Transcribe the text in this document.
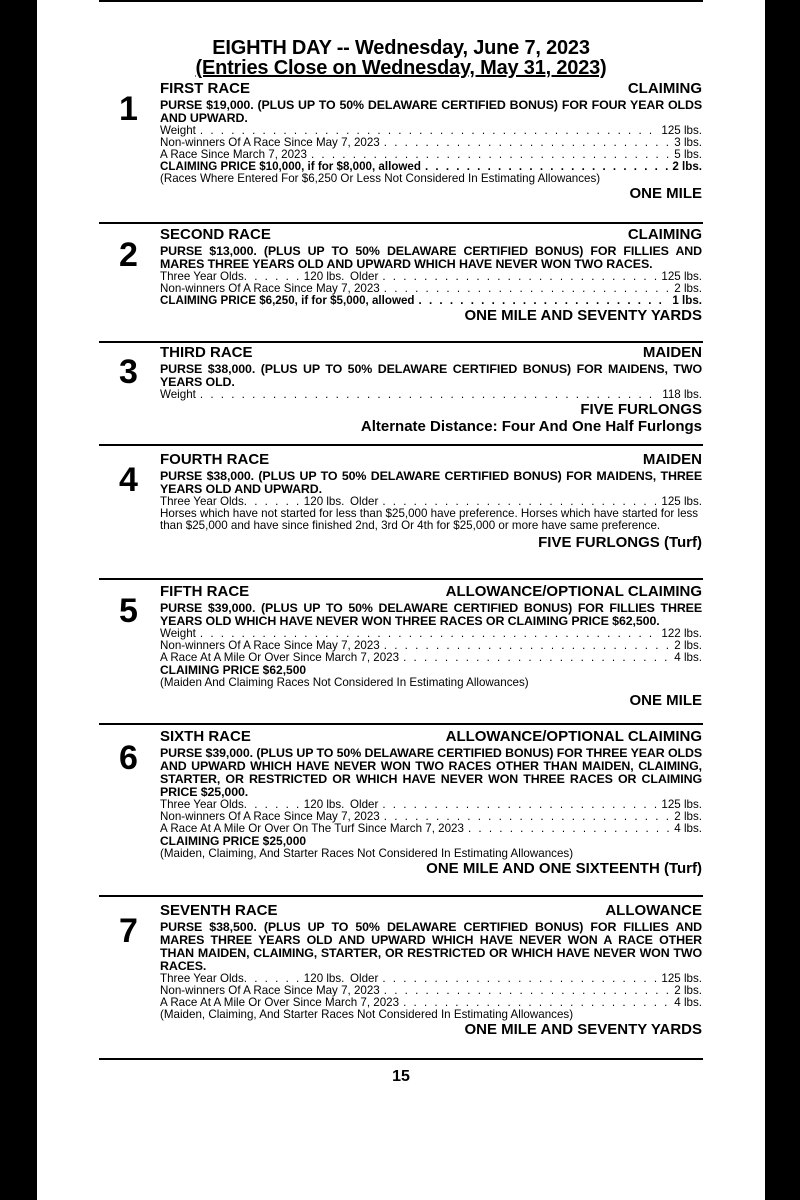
EIGHTH DAY -- Wednesday, June 7, 2023
(Entries Close on Wednesday, May 31, 2023)
1
FIRST RACE	CLAIMING
PURSE $19,000. (PLUS UP TO 50% DELAWARE CERTIFIED BONUS) FOR FOUR YEAR OLDS AND UPWARD.
Weight . . .	125 lbs.
Non-winners Of A Race Since May 7, 2023 . . .	3 lbs.
A Race Since March 7, 2023 . . .	5 lbs.
CLAIMING PRICE $10,000, if for $8,000, allowed . . .	2 lbs.
(Races Where Entered For $6,250 Or Less Not Considered In Estimating Allowances)
ONE MILE
2
SECOND RACE	CLAIMING
PURSE $13,000. (PLUS UP TO 50% DELAWARE CERTIFIED BONUS) FOR FILLIES AND MARES THREE YEARS OLD AND UPWARD WHICH HAVE NEVER WON TWO RACES.
Three Year Olds . . .	120 lbs. Older . . .	125 lbs.
Non-winners Of A Race Since May 7, 2023 . . .	2 lbs.
CLAIMING PRICE $6,250, if for $5,000, allowed . . .	1 lbs.
ONE MILE AND SEVENTY YARDS
3
THIRD RACE	MAIDEN
PURSE $38,000. (PLUS UP TO 50% DELAWARE CERTIFIED BONUS) FOR MAIDENS, TWO YEARS OLD.
Weight . . .	118 lbs.
FIVE FURLONGS
Alternate Distance: Four And One Half Furlongs
4
FOURTH RACE	MAIDEN
PURSE $38,000. (PLUS UP TO 50% DELAWARE CERTIFIED BONUS) FOR MAIDENS, THREE YEARS OLD AND UPWARD.
Three Year Olds . . .	120 lbs. Older . . .	125 lbs.
Horses which have not started for less than $25,000 have preference. Horses which have started for less than $25,000 and have since finished 2nd, 3rd Or 4th for $25,000 or more have same preference.
FIVE FURLONGS (Turf)
5
FIFTH RACE	ALLOWANCE/OPTIONAL CLAIMING
PURSE $39,000. (PLUS UP TO 50% DELAWARE CERTIFIED BONUS) FOR FILLIES THREE YEARS OLD WHICH HAVE NEVER WON THREE RACES OR CLAIMING PRICE $62,500.
Weight . . .	122 lbs.
Non-winners Of A Race Since May 7, 2023 . . .	2 lbs.
A Race At A Mile Or Over Since March 7, 2023 . . .	4 lbs.
CLAIMING PRICE $62,500
(Maiden And Claiming Races Not Considered In Estimating Allowances)
ONE MILE
6
SIXTH RACE	ALLOWANCE/OPTIONAL CLAIMING
PURSE $39,000. (PLUS UP TO 50% DELAWARE CERTIFIED BONUS) FOR THREE YEAR OLDS AND UPWARD WHICH HAVE NEVER WON TWO RACES OTHER THAN MAIDEN, CLAIMING, STARTER, OR RESTRICTED OR WHICH HAVE NEVER WON THREE RACES OR CLAIMING PRICE $25,000.
Three Year Olds . . .	120 lbs. Older . . .	125 lbs.
Non-winners Of A Race Since May 7, 2023 . . .	2 lbs.
A Race At A Mile Or Over On The Turf Since March 7, 2023 . . .	4 lbs.
CLAIMING PRICE $25,000
(Maiden, Claiming, And Starter Races Not Considered In Estimating Allowances)
ONE MILE AND ONE SIXTEENTH (Turf)
7
SEVENTH RACE	ALLOWANCE
PURSE $38,500. (PLUS UP TO 50% DELAWARE CERTIFIED BONUS) FOR FILLIES AND MARES THREE YEARS OLD AND UPWARD WHICH HAVE NEVER WON A RACE OTHER THAN MAIDEN, CLAIMING, STARTER, OR RESTRICTED OR WHICH HAVE NEVER WON TWO RACES.
Three Year Olds . . .	120 lbs. Older . . .	125 lbs.
Non-winners Of A Race Since May 7, 2023 . . .	2 lbs.
A Race At A Mile Or Over Since March 7, 2023 . . .	4 lbs.
(Maiden, Claiming, And Starter Races Not Considered In Estimating Allowances)
ONE MILE AND SEVENTY YARDS
15
